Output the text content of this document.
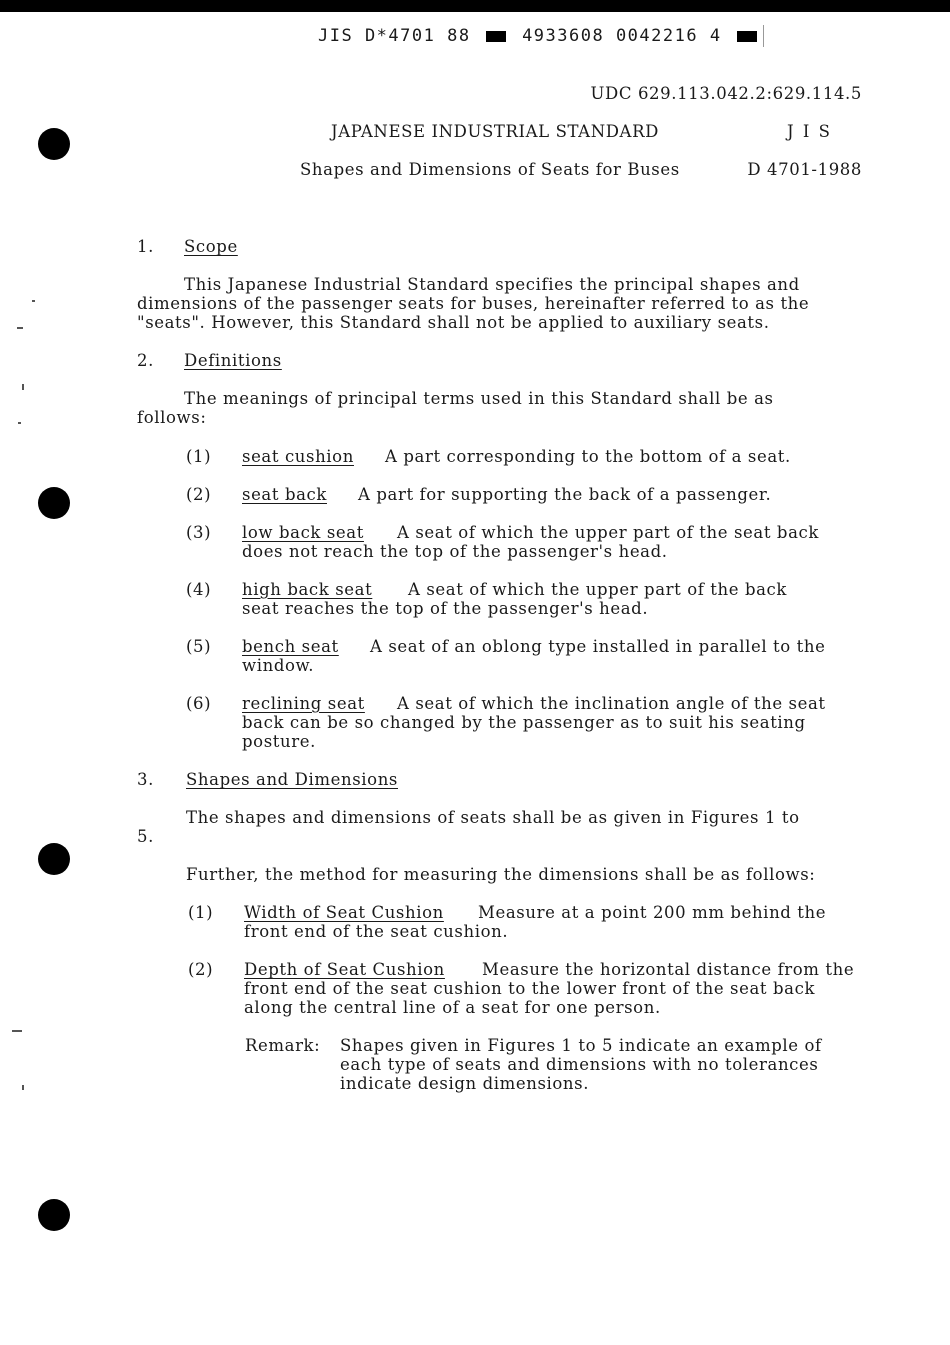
JIS D*4701 88	4933608 0042216 4
UDC 629.113.042.2:629.114.5
JAPANESE INDUSTRIAL STANDARD	J I S
Shapes and Dimensions of Seats for Buses	D 4701-1988
1. Scope
This Japanese Industrial Standard specifies the principal shapes and
dimensions of the passenger seats for buses, hereinafter referred to as the
"seats". However, this Standard shall not be applied to auxiliary seats.
2. Definitions
The meanings of principal terms used in this Standard shall be as
follows:
(1) seat cushion A part corresponding to the bottom of a seat.
(2) seat back A part for supporting the back of a passenger.
(3) low back seat A seat of which the upper part of the seat back
does not reach the top of the passenger's head.
(4) high back seat A seat of which the upper part of the back
seat reaches the top of the passenger's head.
(5) bench seat A seat of an oblong type installed in parallel to the
window.
(6) reclining seat A seat of which the inclination angle of the seat
back can be so changed by the passenger as to suit his seating
posture.
3. Shapes and Dimensions
The shapes and dimensions of seats shall be as given in Figures 1 to
5.
Further, the method for measuring the dimensions shall be as follows:
(1) Width of Seat Cushion Measure at a point 200 mm behind the
front end of the seat cushion.
(2) Depth of Seat Cushion Measure the horizontal distance from the
front end of the seat cushion to the lower front of the seat back
along the central line of a seat for one person.
Remark: Shapes given in Figures 1 to 5 indicate an example of
each type of seats and dimensions with no tolerances
indicate design dimensions.
